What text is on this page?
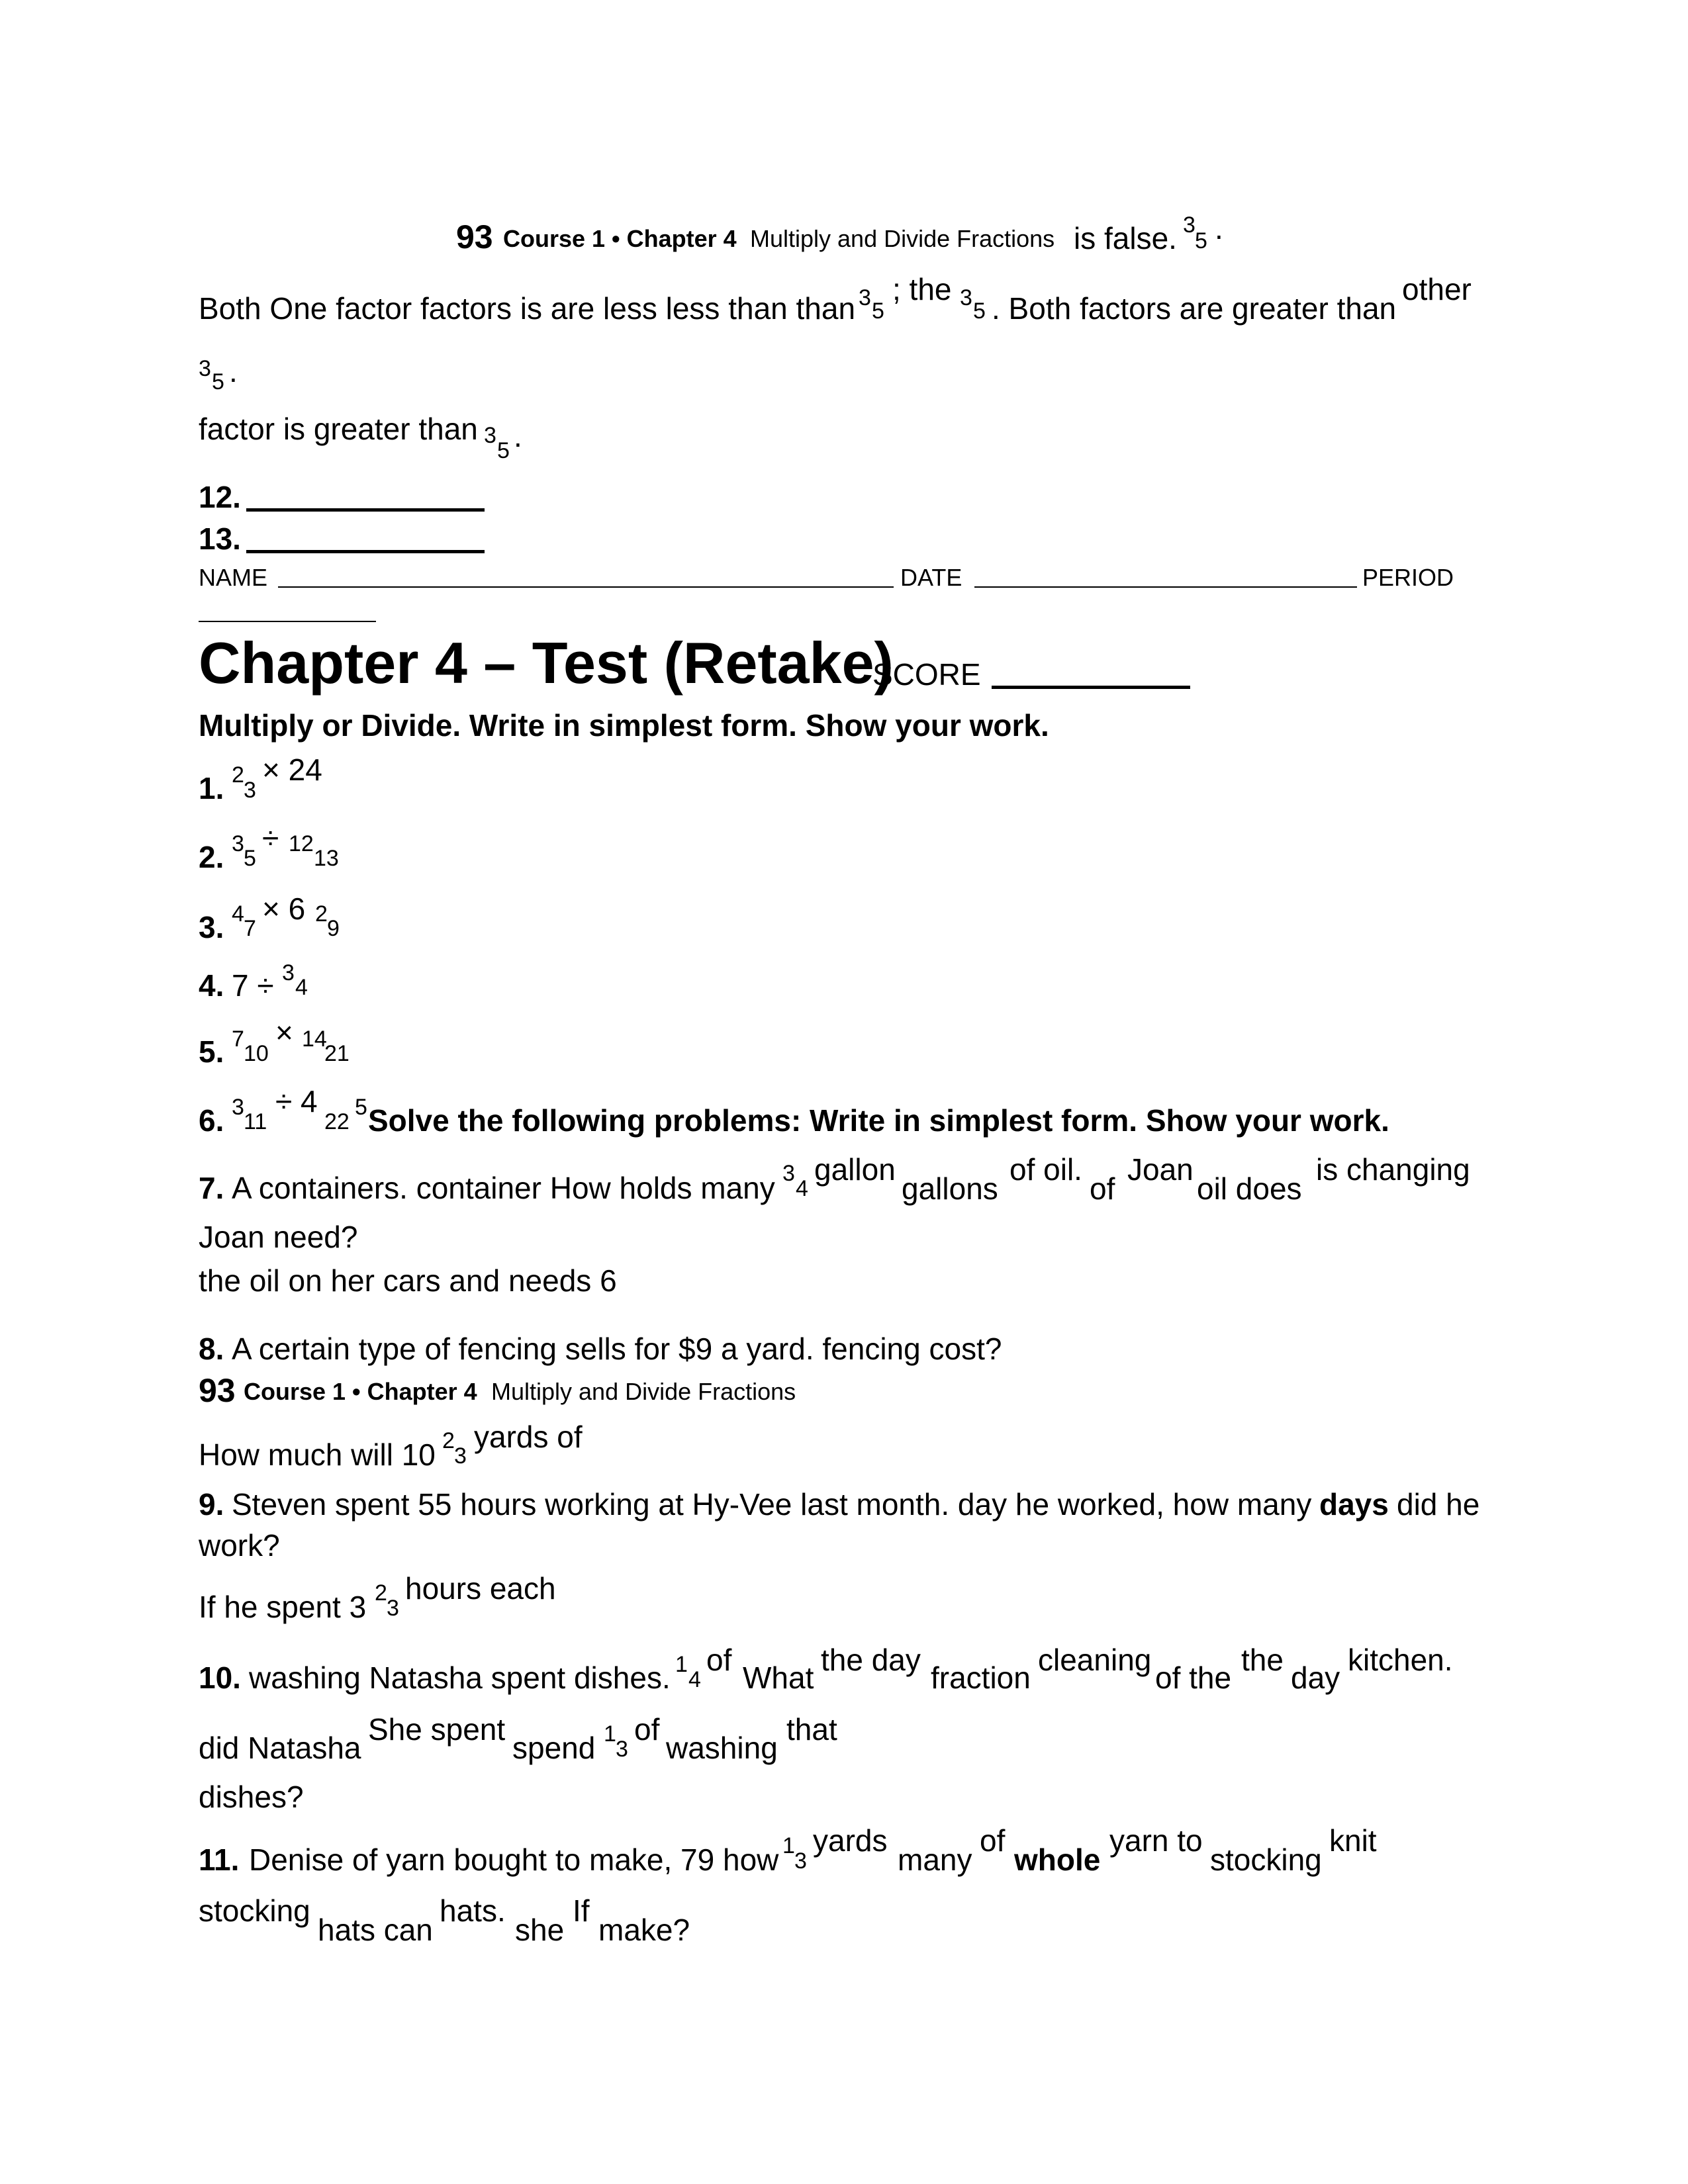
93 Course 1 • Chapter 4 Multiply and Divide Fractions is false. 3
5 .
Both One factor factors is are less less than than 3
5
; the 3
5 . Both factors are greater than
other
3
5 .
factor is greater than 3
5 .
12.
13.
NAME	DATE	PERIOD
Chapter 4 – Test (Retake)
SCORE
Multiply or Divide. Write in simplest form. Show your work.
1. 2
3
× 24
2. 3
5
÷ 12
13
3. 4
7
× 6 2
9
4. 7 ÷ 3
4
5. 7
10
× 14
21
6. 3
11
÷ 4
22
5 Solve the following problems: Write in simplest form. Show your work.
7. A containers. container How holds many 3
4
gallon
gallons
of oil.
of
Joan
oil does
is changing
Joan need?
the oil on her cars and needs 6
8. A certain type of fencing sells for $9 a yard. fencing cost?
93 Course 1 • Chapter 4 Multiply and Divide Fractions
How much will 10 2
3
yards of
9. Steven spent 55 hours working at Hy-Vee last month. day he worked, how many days did he
work?
If he spent 3 2
3
hours each
10. washing Natasha spent dishes. 1
4
of
What
the day
fraction
cleaning
of the
the
day
kitchen.
did Natasha
She spent
spend 1
3
of
washing
that
dishes?
11. Denise of yarn bought to make, 79 how 1
3
yards
many
of
whole
yarn to
stocking
knit
stocking
hats can
hats.
she
If
make?
